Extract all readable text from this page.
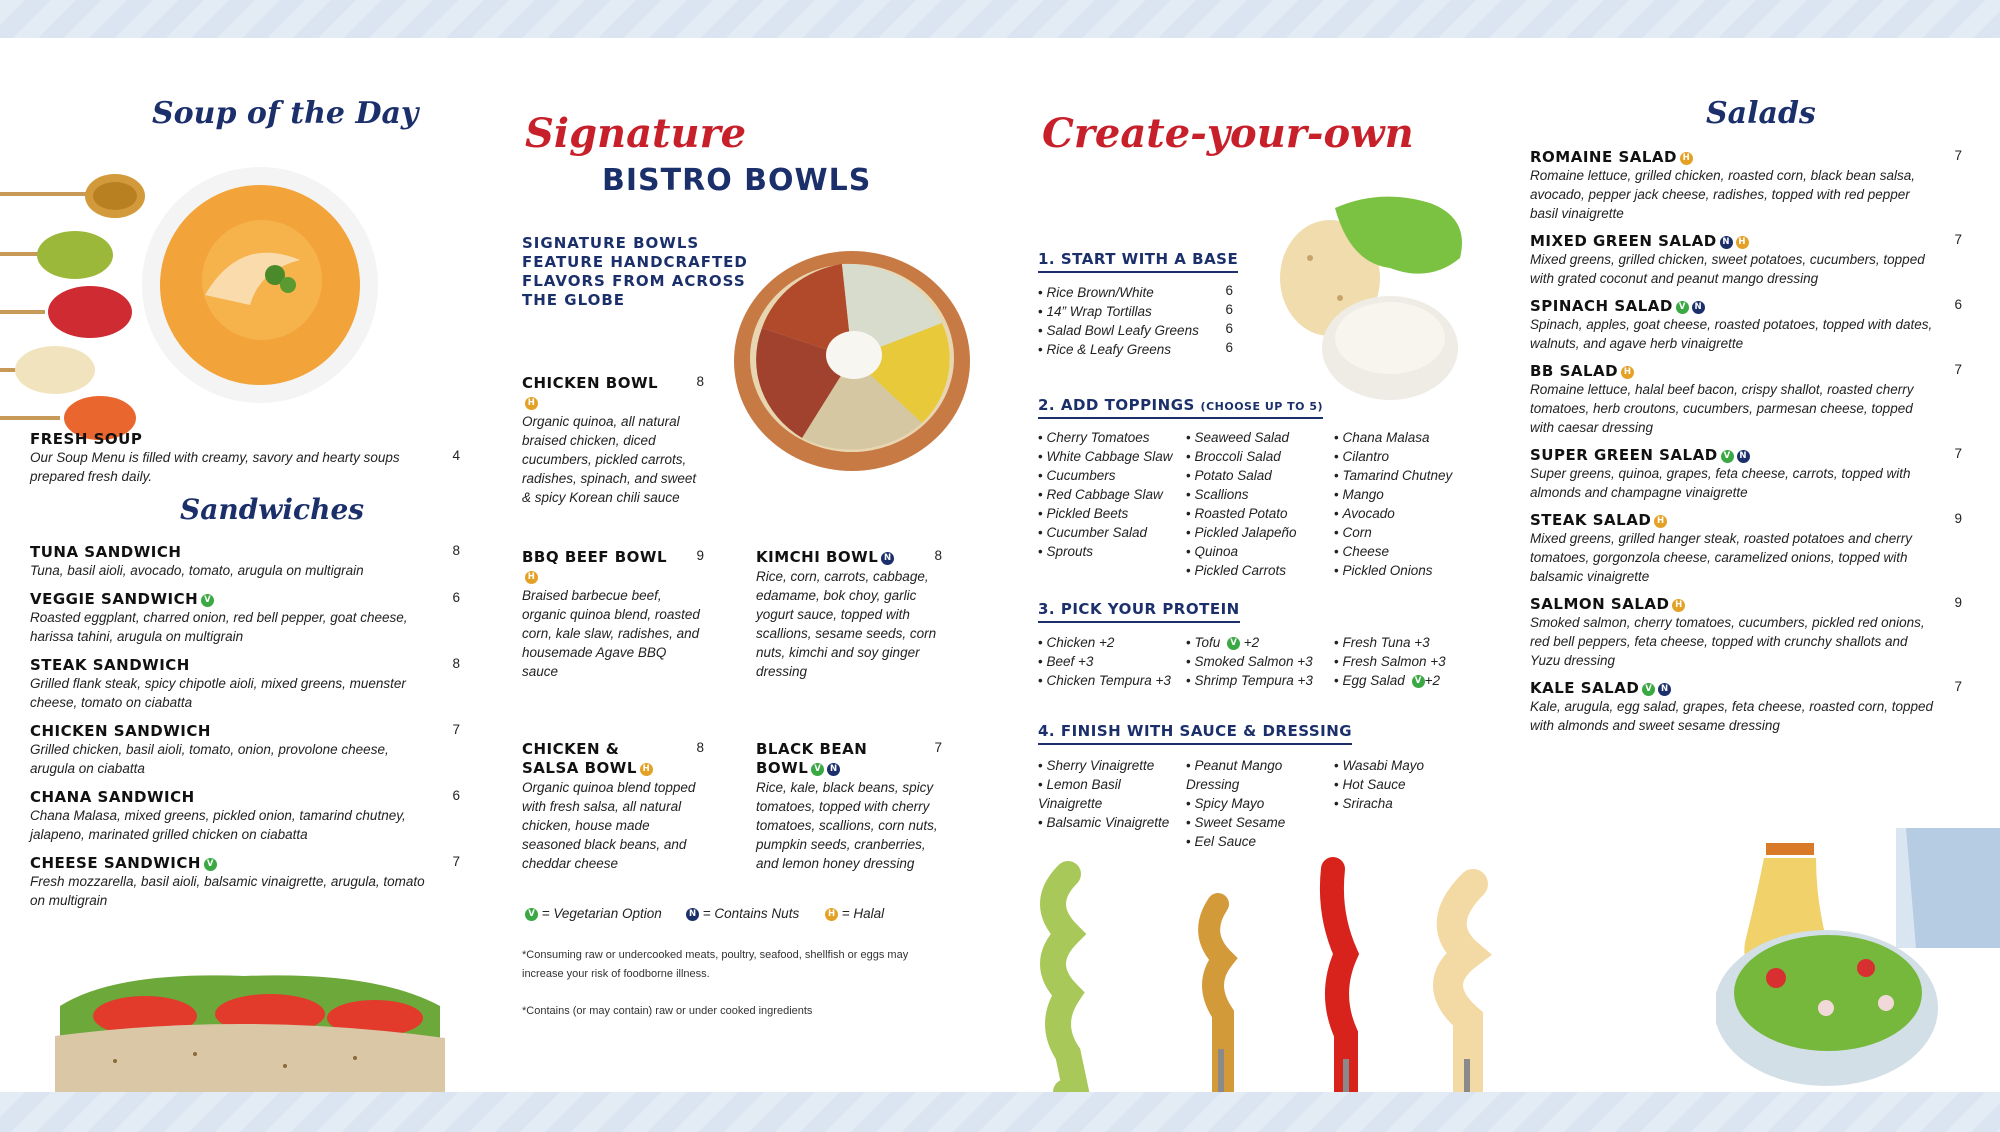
Soup of the Day
FRESH SOUP
Our Soup Menu is filled with creamy, savory and hearty soups prepared fresh daily.
4
Sandwiches
TUNA SANDWICH	8
Tuna, basil aioli, avocado, tomato, arugula on multigrain
VEGGIE SANDWICH V	6
Roasted eggplant, charred onion, red bell pepper, goat cheese, harissa tahini, arugula on multigrain
STEAK SANDWICH	8
Grilled flank steak, spicy chipotle aioli, mixed greens, muenster cheese, tomato on ciabatta
CHICKEN SANDWICH	7
Grilled chicken, basil aioli, tomato, onion, provolone cheese, arugula on ciabatta
CHANA SANDWICH	6
Chana Malasa, mixed greens, pickled onion, tamarind chutney, jalapeno, marinated grilled chicken on ciabatta
CHEESE SANDWICH V	7
Fresh mozzarella, basil aioli, balsamic vinaigrette, arugula, tomato on multigrain
Signature
BISTRO BOWLS
SIGNATURE BOWLS FEATURE HANDCRAFTED FLAVORS FROM ACROSS THE GLOBE
CHICKEN BOWLH
8
Organic quinoa, all natural braised chicken, diced cucumbers, pickled carrots, radishes, spinach, and sweet & spicy Korean chili sauce
BBQ BEEF BOWLH
9
Braised barbecue beef, organic quinoa blend, roasted corn, kale slaw, radishes, and housemade Agave BBQ sauce
KIMCHI BOWL N	8
Rice, corn, carrots, cabbage, edamame, bok choy, garlic yogurt sauce, topped with scallions, sesame seeds, corn nuts, kimchi and soy ginger dressing
CHICKEN & SALSA BOWL H
8
Organic quinoa blend topped with fresh salsa, all natural chicken, house made seasoned black beans, and cheddar cheese
BLACK BEAN BOWL V N
7
Rice, kale, black beans, spicy tomatoes, topped with cherry tomatoes, scallions, corn nuts, pumpkin seeds, cranberries, and lemon honey dressing
V = Vegetarian Option	N = Contains Nuts	H = Halal
*Consuming raw or undercooked meats, poultry, seafood, shellfish or eggs may increase your risk of foodborne illness.
*Contains (or may contain) raw or under cooked ingredients
Create-your-own
1. START WITH A BASE
• Rice Brown/White	6
• 14” Wrap Tortillas	6
• Salad Bowl Leafy Greens 6
• Rice & Leafy Greens	6
2. ADD TOPPINGS (CHOOSE UP TO 5)
• Cherry Tomatoes
• White Cabbage Slaw
• Cucumbers
• Red Cabbage Slaw
• Pickled Beets
• Cucumber Salad
• Sprouts
• Seaweed Salad
• Broccoli Salad
• Potato Salad
• Scallions
• Roasted Potato
• Pickled Jalapeño
• Quinoa
• Pickled Carrots
• Chana Malasa
• Cilantro
• Tamarind Chutney
• Mango
• Avocado
• Corn
• Cheese
• Pickled Onions
3. PICK YOUR PROTEIN
• Chicken +2
• Beef +3
• Chicken Tempura +3
• Tofu V +2
• Smoked Salmon +3
• Shrimp Tempura +3
• Fresh Tuna +3
• Fresh Salmon +3
• Egg Salad V +2
4. FINISH WITH SAUCE & DRESSING
• Sherry Vinaigrette
• Lemon Basil Vinaigrette
• Balsamic Vinaigrette
• Peanut Mango Dressing
• Spicy Mayo
• Sweet Sesame
• Eel Sauce
• Wasabi Mayo
• Hot Sauce
• Sriracha
Salads
ROMAINE SALAD H	7
Romaine lettuce, grilled chicken, roasted corn, black bean salsa, avocado, pepper jack cheese, radishes, topped with red pepper basil vinaigrette
MIXED GREEN SALAD N H	7
Mixed greens, grilled chicken, sweet potatoes, cucumbers, topped with grated coconut and peanut mango dressing
SPINACH SALAD V N	6
Spinach, apples, goat cheese, roasted potatoes, topped with dates, walnuts, and agave herb vinaigrette
BB SALAD H	7
Romaine lettuce, halal beef bacon, crispy shallot, roasted cherry tomatoes, herb croutons, cucumbers, parmesan cheese, topped with caesar dressing
SUPER GREEN SALAD V N	7
Super greens, quinoa, grapes, feta cheese, carrots, topped with almonds and champagne vinaigrette
STEAK SALAD H	9
Mixed greens, grilled hanger steak, roasted potatoes and cherry tomatoes, gorgonzola cheese, caramelized onions, topped with balsamic vinaigrette
SALMON SALAD H	9
Smoked salmon, cherry tomatoes, cucumbers, pickled red onions, red bell peppers, feta cheese, topped with crunchy shallots and Yuzu dressing
KALE SALAD V N	7
Kale, arugula, egg salad, grapes, feta cheese, roasted corn, topped with almonds and sweet sesame dressing
